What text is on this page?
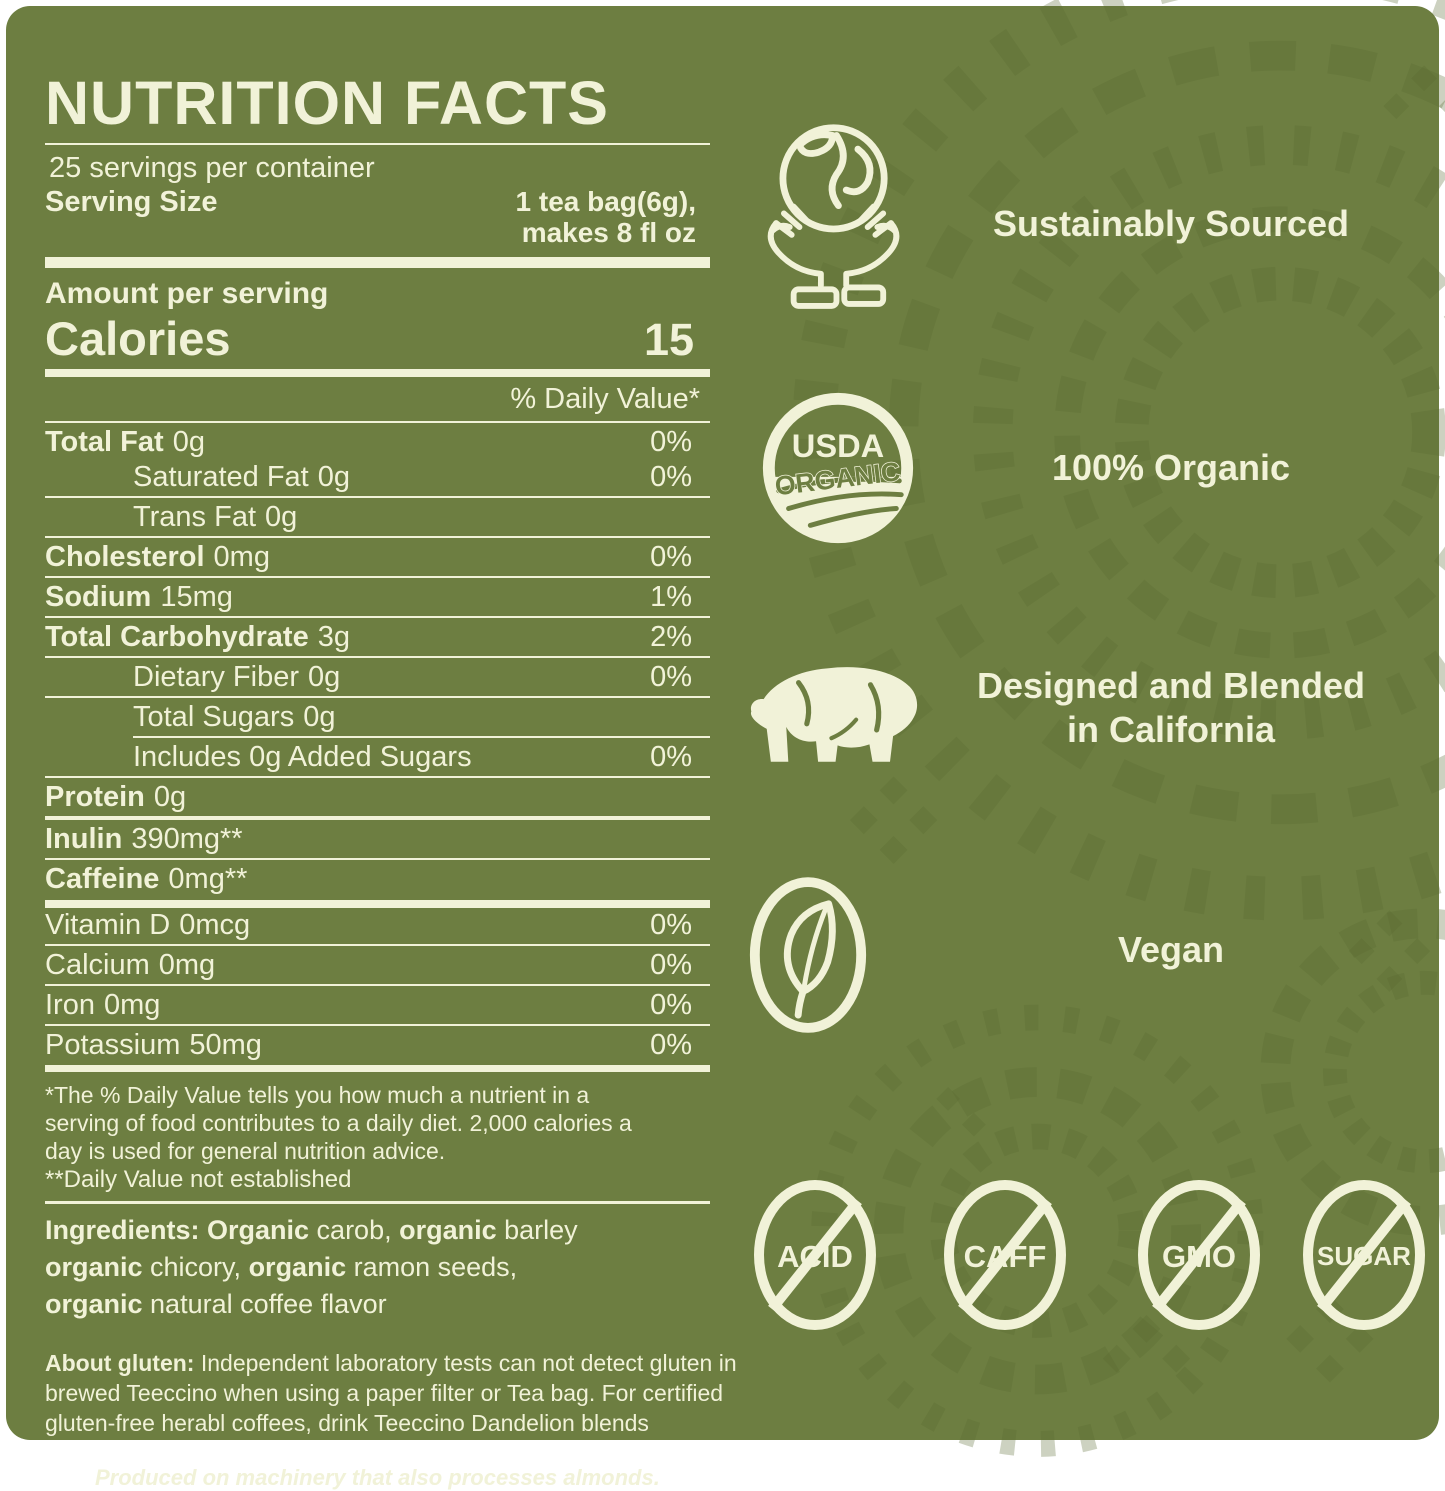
NUTRITION FACTS
25 servings per container
Serving Size	1 tea bag(6g),
makes 8 fl oz
Amount per serving
Calories	15
% Daily Value*
Total Fat 0g	0%
Saturated Fat 0g	0%
Trans Fat 0g
Cholesterol 0mg	0%
Sodium 15mg	1%
Total Carbohydrate 3g	2%
Dietary Fiber 0g	0%
Total Sugars 0g
Includes 0g Added Sugars	0%
Protein 0g
Inulin 390mg**
Caffeine 0mg**
Vitamin D 0mcg	0%
Calcium 0mg	0%
Iron 0mg	0%
Potassium 50mg	0%
*The % Daily Value tells you how much a nutrient in a serving of food contributes to a daily diet. 2,000 calories a day is used for general nutrition advice.
**Daily Value not established
Ingredients: Organic carob, organic barley
organic chicory, organic ramon seeds,
organic natural coffee flavor

About gluten: Independent laboratory tests can not detect gluten in brewed Teeccino when using a paper filter or Tea bag. For certified gluten-free herabl coffees, drink Teeccino Dandelion blends

Produced on machinery that also processes almonds.

Sustainably Sourced
USDA
ORGANIC	100% Organic
Designed and Blended
in California
Vegan
ACID	CAFF	GMO	SUGAR
